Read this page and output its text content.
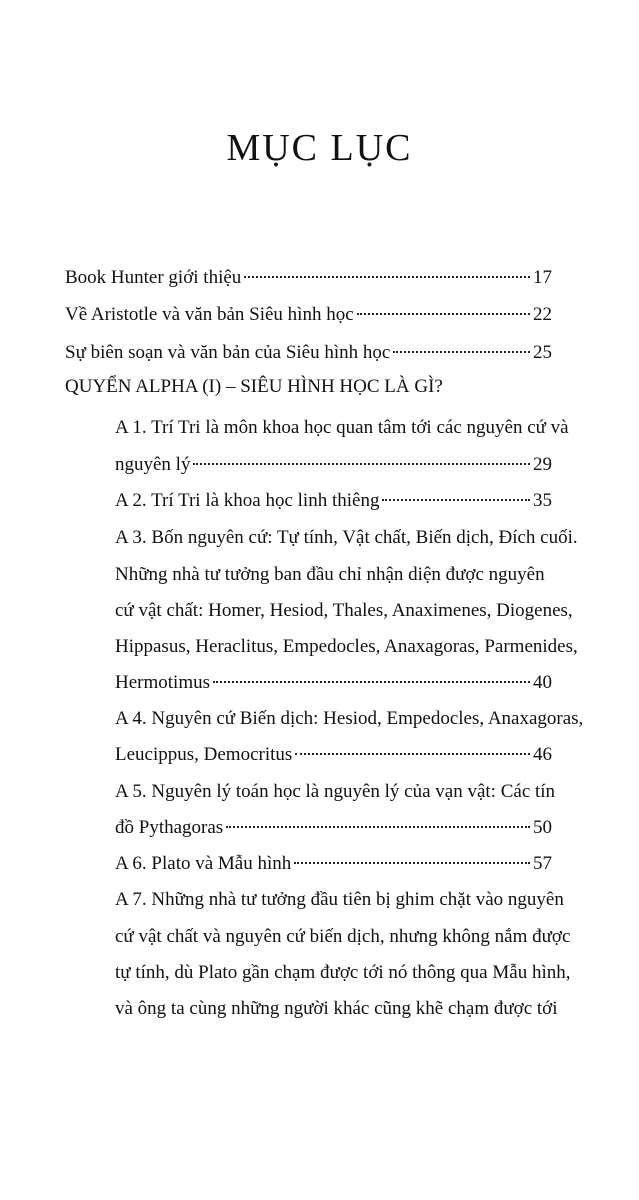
MỤC LỤC
Book Hunter giới thiệu	17
Về Aristotle và văn bản Siêu hình học	22
Sự biên soạn và văn bản của Siêu hình học	25
QUYỂN ALPHA (I) – SIÊU HÌNH HỌC LÀ GÌ?
A 1. Trí Tri là môn khoa học quan tâm tới các nguyên cứ và
nguyên lý	29
A 2. Trí Tri là khoa học linh thiêng	35
A 3. Bốn nguyên cứ: Tự tính, Vật chất, Biến dịch, Đích cuối.
Những nhà tư tưởng ban đầu chỉ nhận diện được nguyên
cứ vật chất: Homer, Hesiod, Thales, Anaximenes, Diogenes,
Hippasus, Heraclitus, Empedocles, Anaxagoras, Parmenides,
Hermotimus	40
A 4. Nguyên cứ Biến dịch: Hesiod, Empedocles, Anaxagoras,
Leucippus, Democritus	46
A 5. Nguyên lý toán học là nguyên lý của vạn vật: Các tín
đồ Pythagoras	50
A 6. Plato và Mẫu hình	57
A 7. Những nhà tư tưởng đầu tiên bị ghim chặt vào nguyên
cứ vật chất và nguyên cứ biến dịch, nhưng không nắm được
tự tính, dù Plato gần chạm được tới nó thông qua Mẫu hình,
và ông ta cùng những người khác cũng khẽ chạm được tới
